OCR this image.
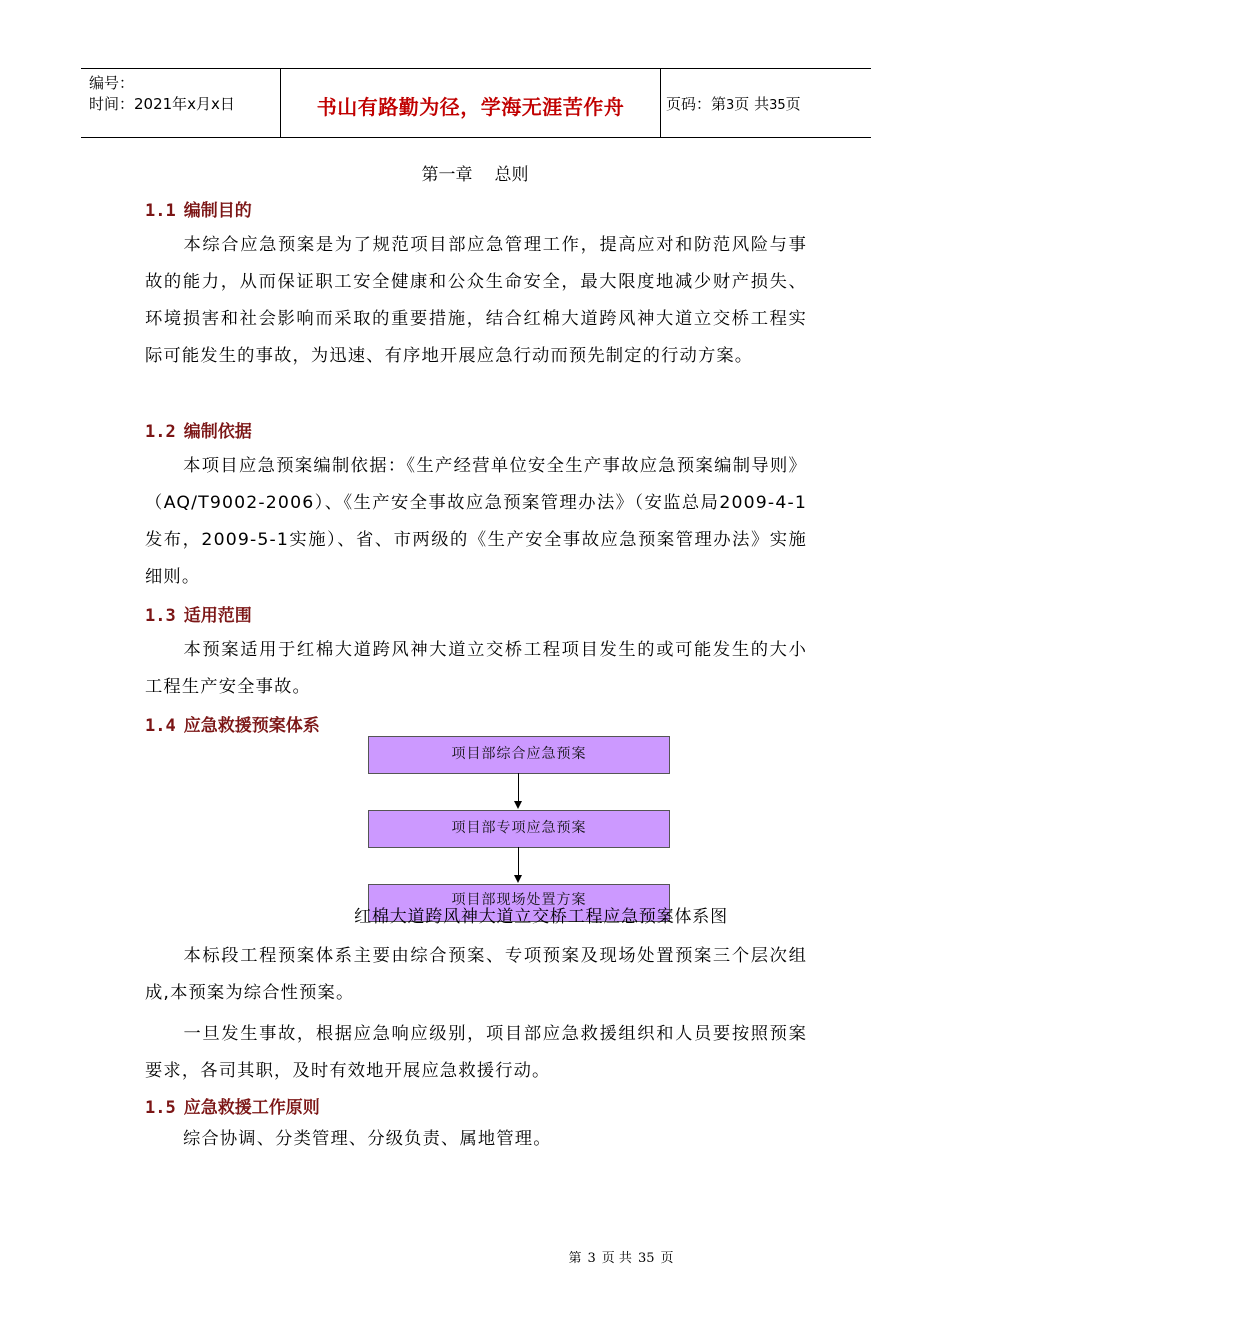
编号：
时间：2021年x月x日	书山有路勤为径，学海无涯苦作舟	页码：第3页 共35页
第一章 总则
1.1 编制目的
本综合应急预案是为了规范项目部应急管理工作，提高应对和防范风险与事故的能力，从而保证职工安全健康和公众生命安全，最大限度地减少财产损失、环境损害和社会影响而采取的重要措施，结合红棉大道跨风神大道立交桥工程实际可能发生的事故，为迅速、有序地开展应急行动而预先制定的行动方案。
1.2 编制依据
本项目应急预案编制依据：《生产经营单位安全生产事故应急预案编制导则》（AQ/T9002-2006）、《生产安全事故应急预案管理办法》（安监总局2009-4-1发布，2009-5-1实施）、省、市两级的《生产安全事故应急预案管理办法》实施细则。
1.3 适用范围
本预案适用于红棉大道跨风神大道立交桥工程项目发生的或可能发生的大小工程生产安全事故。
1.4 应急救援预案体系
项目部综合应急预案
项目部专项应急预案
项目部现场处置方案
红棉大道跨风神大道立交桥工程应急预案体系图
本标段工程预案体系主要由综合预案、专项预案及现场处置预案三个层次组成,本预案为综合性预案。
一旦发生事故，根据应急响应级别，项目部应急救援组织和人员要按照预案要求，各司其职，及时有效地开展应急救援行动。
1.5 应急救援工作原则
综合协调、分类管理、分级负责、属地管理。
第 3 页 共 35 页
